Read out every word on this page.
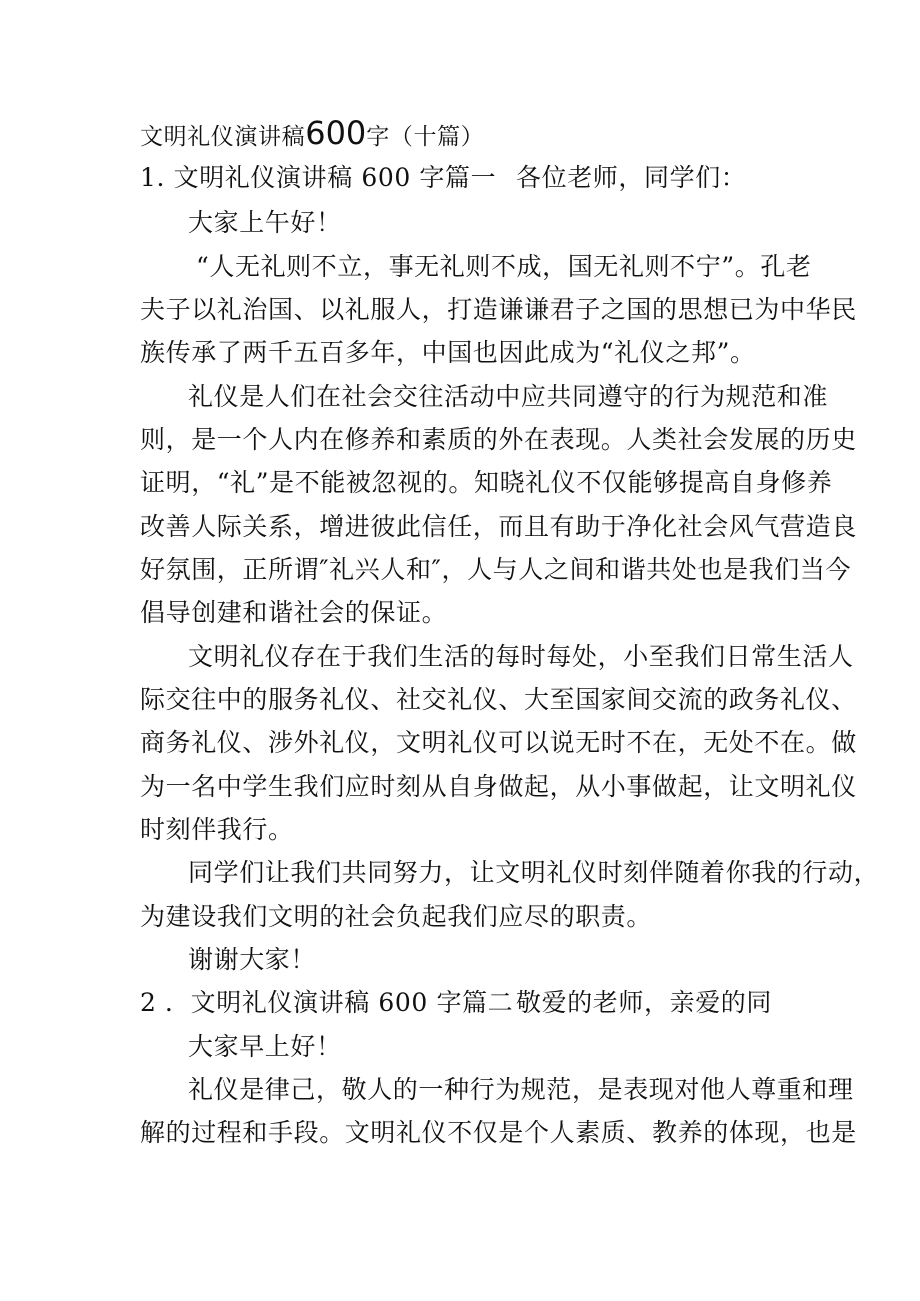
文明礼仪演讲稿600字（十篇）
1. 文明礼仪演讲稿 600 字篇一 各位老师，同学们：
大家上午好！
“人无礼则不立，事无礼则不成，国无礼则不宁”。孔老
夫子以礼治国、以礼服人，打造谦谦君子之国的思想已为中华民
族传承了两千五百多年，中国也因此成为“礼仪之邦”。
礼仪是人们在社会交往活动中应共同遵守的行为规范和准
则，是一个人内在修养和素质的外在表现。人类社会发展的历史
证明，“礼”是不能被忽视的。知晓礼仪不仅能够提高自身修养
改善人际关系，增进彼此信任，而且有助于净化社会风气营造良
好氛围，正所谓″礼兴人和″，人与人之间和谐共处也是我们当今
倡导创建和谐社会的保证。
文明礼仪存在于我们生活的每时每处，小至我们日常生活人
际交往中的服务礼仪、社交礼仪、大至国家间交流的政务礼仪、
商务礼仪、涉外礼仪，文明礼仪可以说无时不在，无处不在。做
为一名中学生我们应时刻从自身做起，从小事做起，让文明礼仪
时刻伴我行。
同学们让我们共同努力，让文明礼仪时刻伴随着你我的行动，
为建设我们文明的社会负起我们应尽的职责。
谢谢大家！
2 ．文明礼仪演讲稿 600 字篇二 敬爱的老师，亲爱的同
大家早上好！
礼仪是律己，敬人的一种行为规范，是表现对他人尊重和理
解的过程和手段。文明礼仪不仅是个人素质、教养的体现，也是
